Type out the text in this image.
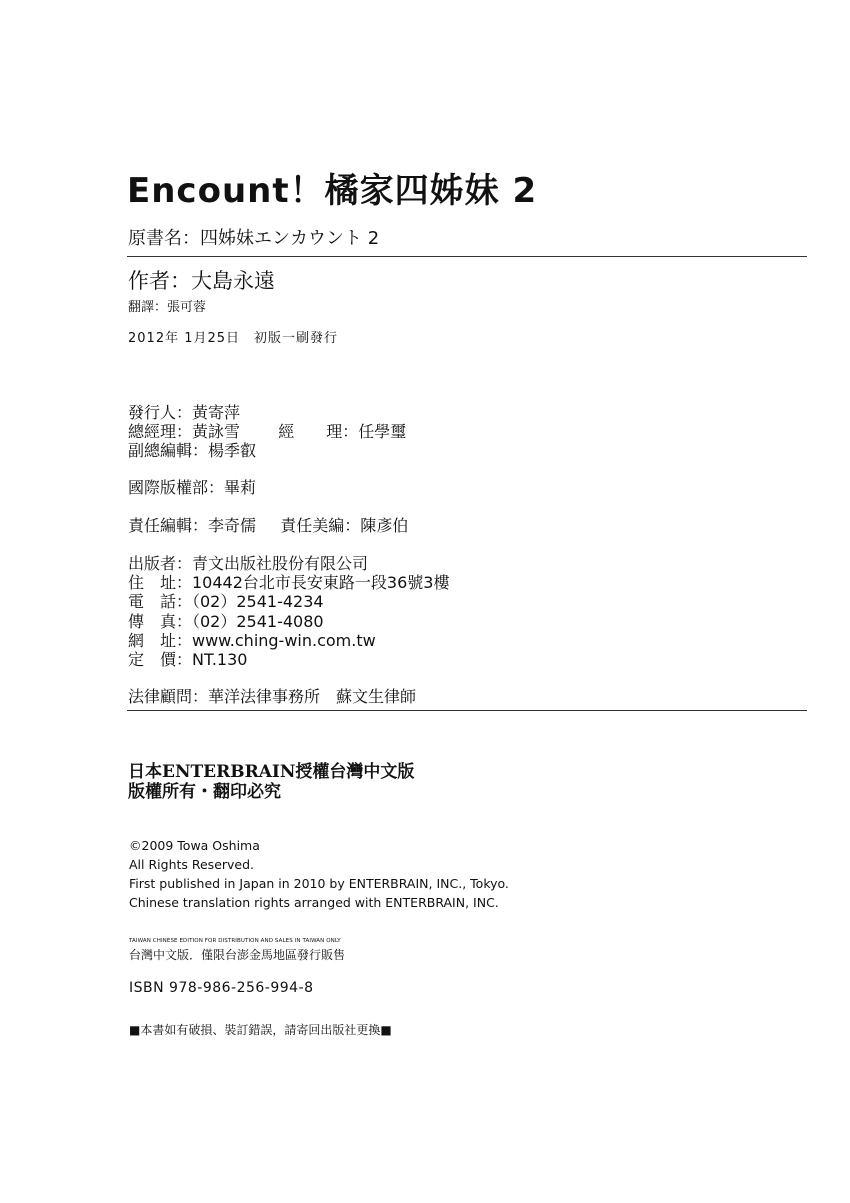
Encount！橘家四姊妹 2
原書名：四姊妹エンカウント 2
作者：大島永遠
翻譯：張可蓉
2012年 1月25日　初版一刷發行
發行人：黃寄萍
總經理：黃詠雪 經　　理：任學璽
副總編輯：楊季叡
國際版權部：畢莉
責任編輯：李奇儒 責任美編：陳彥伯
出版者：青文出版社股份有限公司
住　址：10442台北市長安東路一段36號3樓
電　話：（02）2541-4234
傳　真：（02）2541-4080
網　址：www.ching-win.com.tw
定　價：NT.130
法律顧問：華洋法律事務所　蘇文生律師
日本ENTERBRAIN授權台灣中文版
版權所有・翻印必究
©2009 Towa Oshima
All Rights Reserved.
First published in Japan in 2010 by ENTERBRAIN, INC., Tokyo.
Chinese translation rights arranged with ENTERBRAIN, INC.
TAIWAN CHINESE EDITION FOR DISTRIBUTION AND SALES IN TAIWAN ONLY
台灣中文版．僅限台澎金馬地區發行販售
ISBN 978-986-256-994-8
■本書如有破損、裝訂錯誤，請寄回出版社更換■
